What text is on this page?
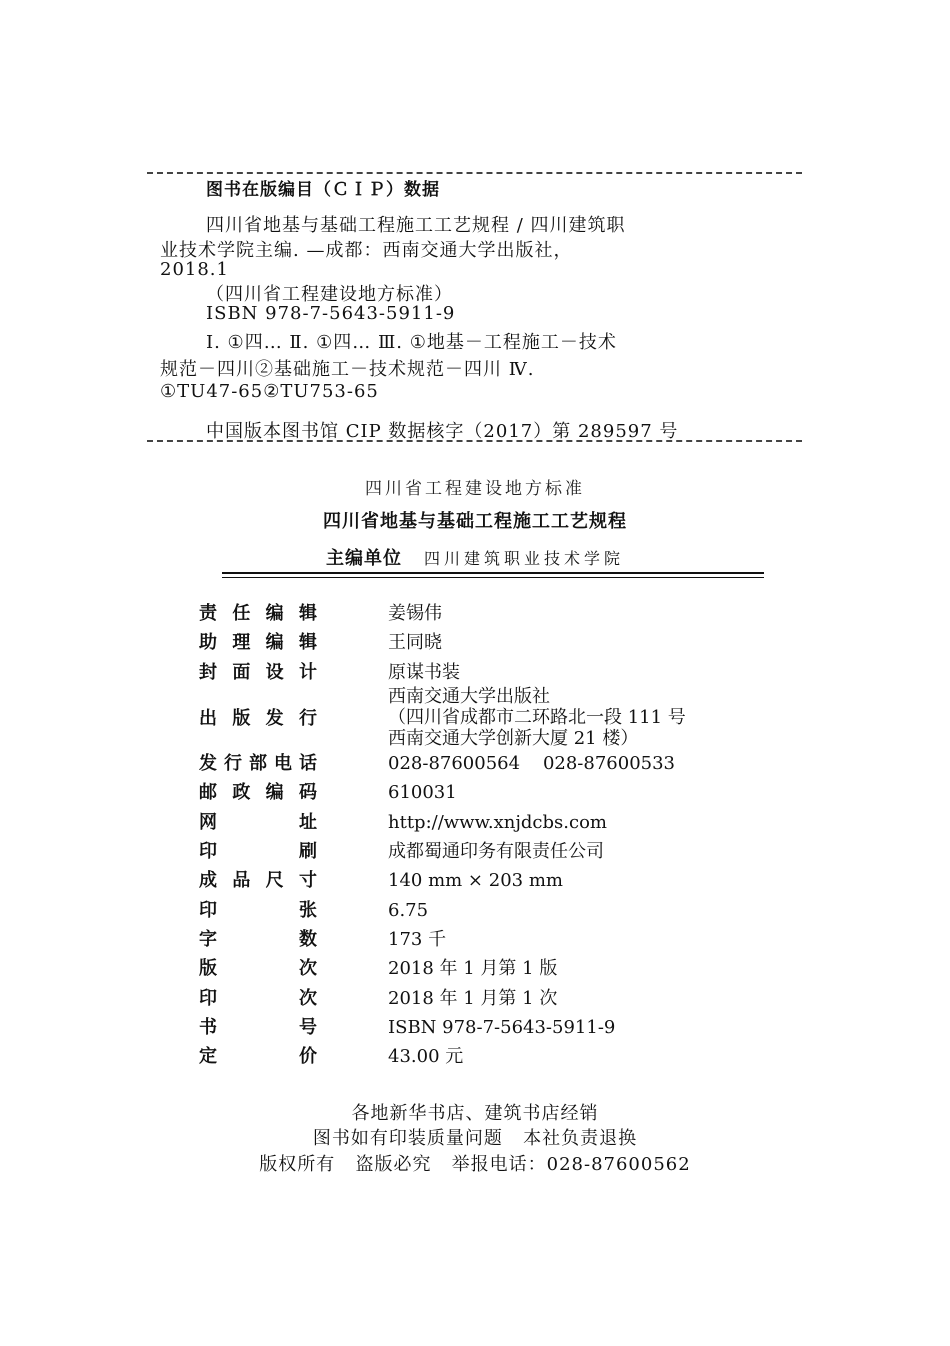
图书在版编目（ＣＩＰ）数据
四川省地基与基础工程施工工艺规程 / 四川建筑职
业技术学院主编. —成都：西南交通大学出版社，
2018.1
（四川省工程建设地方标准）
ISBN 978-7-5643-5911-9
Ⅰ. ①四… Ⅱ. ①四… Ⅲ. ①地基－工程施工－技术
规范－四川②基础施工－技术规范－四川 Ⅳ.
①TU47-65②TU753-65
中国版本图书馆 CIP 数据核字（2017）第 289597 号
四川省工程建设地方标准
四川省地基与基础工程施工工艺规程
主编单位 四川建筑职业技术学院
责 任 编 辑	姜锡伟
助 理 编 辑	王同晓
封 面 设 计	原谋书装
出 版 发 行
西南交通大学出版社
（四川省成都市二环路北一段 111 号
西南交通大学创新大厦 21 楼）
发 行 部 电 话	028-87600564    028-87600533
邮 政 编 码	610031
网	址	http://www.xnjdcbs.com
印	刷	成都蜀通印务有限责任公司
成 品 尺 寸	140 mm × 203 mm
印	张	6.75
字	数	173 千
版	次	2018 年 1 月第 1 版
印	次	2018 年 1 月第 1 次
书	号	ISBN 978-7-5643-5911-9
定	价	43.00 元
各地新华书店、建筑书店经销
图书如有印装质量问题   本社负责退换
版权所有   盗版必究   举报电话：028-87600562
